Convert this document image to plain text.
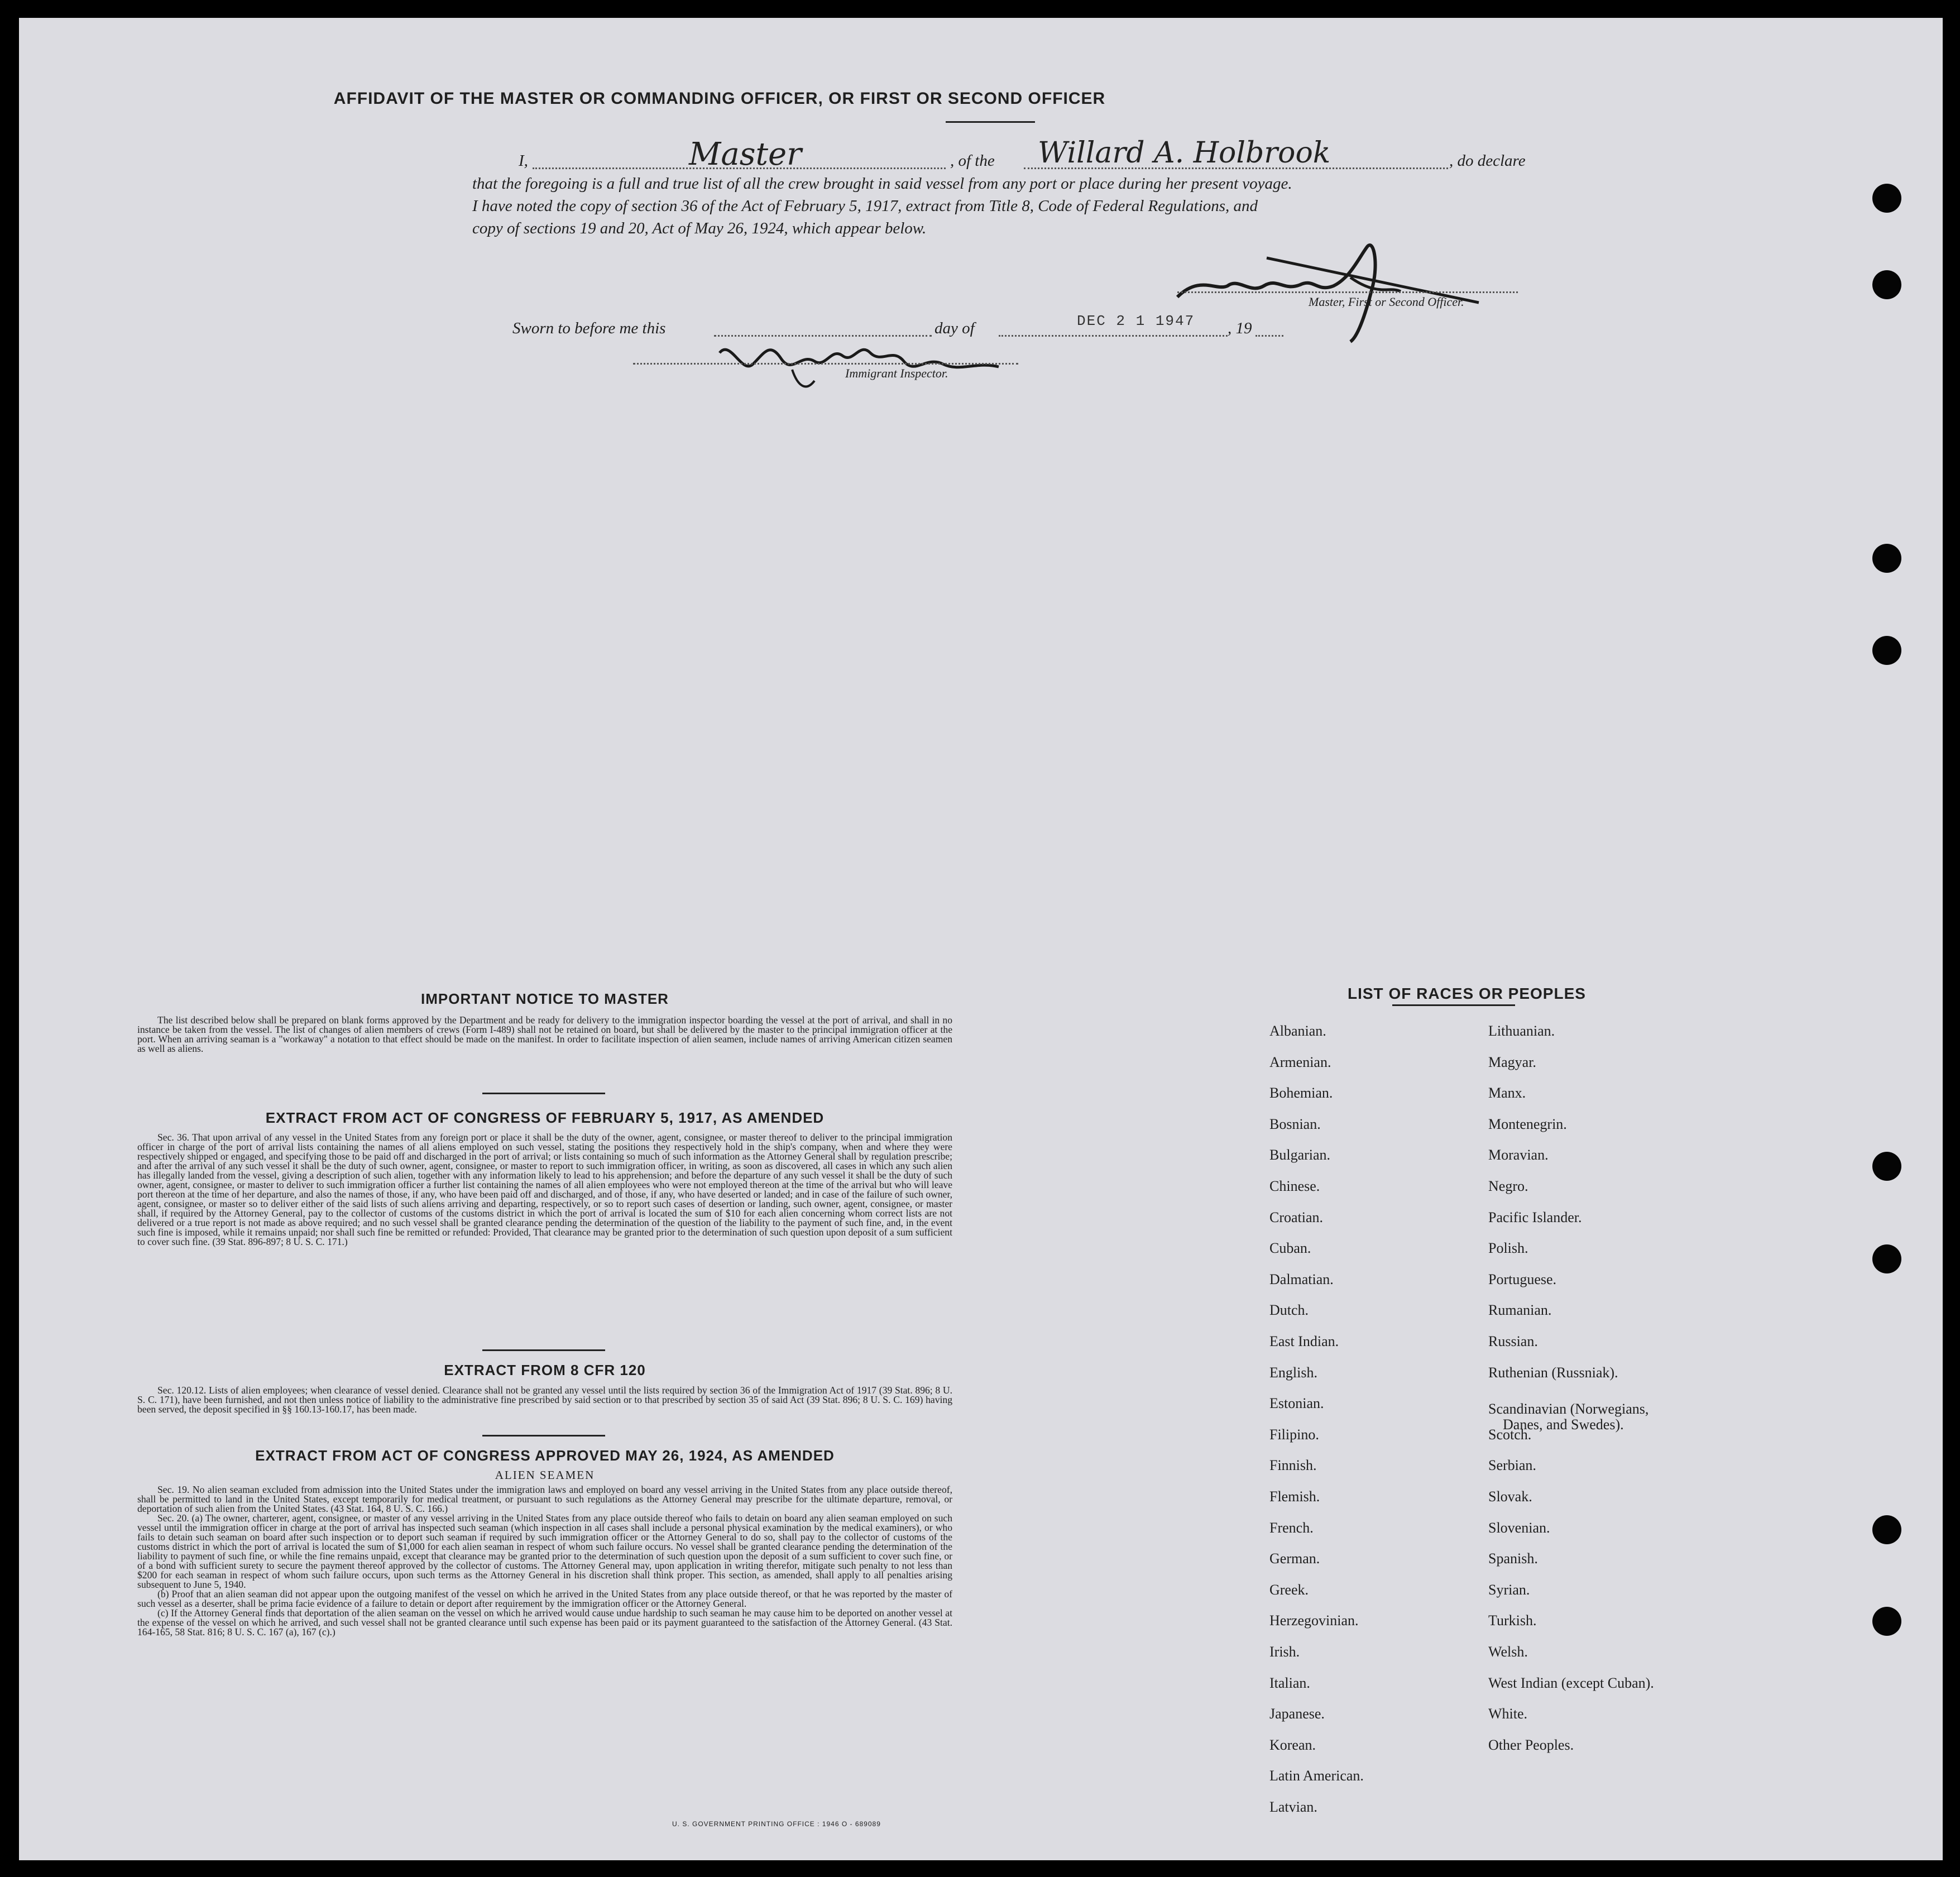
AFFIDAVIT OF THE MASTER OR COMMANDING OFFICER, OR FIRST OR SECOND OFFICER
I,	Master	, of the Willard A. Holbrook	, do declare
that the foregoing is a full and true list of all the crew brought in said vessel from any port or place during her present voyage.
I have noted the copy of section 36 of the Act of February 5, 1917, extract from Title 8, Code of Federal Regulations, and
copy of sections 19 and 20, Act of May 26, 1924, which appear below.
Master, First or Second Officer.
Sworn to before me this	day of	DEC 2 1 1947 , 19
Immigrant Inspector.
IMPORTANT NOTICE TO MASTER

The list described below shall be prepared on blank forms approved by the Department and be ready for delivery to the immigration inspector boarding the vessel at the port of arrival, and shall in no instance be taken from the vessel. The list of changes of alien members of crews (Form I-489) shall not be retained on board, but shall be delivered by the master to the principal immigration officer at the port. When an arriving seaman is a "workaway" a notation to that effect should be made on the manifest. In order to facilitate inspection of alien seamen, include names of arriving American citizen seamen as well as aliens.

EXTRACT FROM ACT OF CONGRESS OF FEBRUARY 5, 1917, AS AMENDED

Sec. 36. That upon arrival of any vessel in the United States from any foreign port or place it shall be the duty of the owner, agent, consignee, or master thereof to deliver to the principal immigration officer in charge of the port of arrival lists containing the names of all aliens employed on such vessel, stating the positions they respectively hold in the ship's company, when and where they were respectively shipped or engaged, and specifying those to be paid off and discharged in the port of arrival; or lists containing so much of such information as the Attorney General shall by regulation prescribe; and after the arrival of any such vessel it shall be the duty of such owner, agent, consignee, or master to report to such immigration officer, in writing, as soon as discovered, all cases in which any such alien has illegally landed from the vessel, giving a description of such alien, together with any information likely to lead to his apprehension; and before the departure of any such vessel it shall be the duty of such owner, agent, consignee, or master to deliver to such immigration officer a further list containing the names of all alien employees who were not employed thereon at the time of the arrival but who will leave port thereon at the time of her departure, and also the names of those, if any, who have been paid off and discharged, and of those, if any, who have deserted or landed; and in case of the failure of such owner, agent, consignee, or master so to deliver either of the said lists of such aliens arriving and departing, respectively, or so to report such cases of desertion or landing, such owner, agent, consignee, or master shall, if required by the Attorney General, pay to the collector of customs of the customs district in which the port of arrival is located the sum of $10 for each alien concerning whom correct lists are not delivered or a true report is not made as above required; and no such vessel shall be granted clearance pending the determination of the question of the liability to the payment of such fine, and, in the event such fine is imposed, while it remains unpaid; nor shall such fine be remitted or refunded: Provided, That clearance may be granted prior to the determination of such question upon deposit of a sum sufficient to cover such fine. (39 Stat. 896-897; 8 U. S. C. 171.)

EXTRACT FROM 8 CFR 120

Sec. 120.12. Lists of alien employees; when clearance of vessel denied. Clearance shall not be granted any vessel until the lists required by section 36 of the Immigration Act of 1917 (39 Stat. 896; 8 U. S. C. 171), have been furnished, and not then unless notice of liability to the administrative fine prescribed by said section or to that prescribed by section 35 of said Act (39 Stat. 896; 8 U. S. C. 169) having been served, the deposit specified in §§ 160.13-160.17, has been made.

EXTRACT FROM ACT OF CONGRESS APPROVED MAY 26, 1924, AS AMENDED
ALIEN SEAMEN

Sec. 19. No alien seaman excluded from admission into the United States under the immigration laws and employed on board any vessel arriving in the United States from any place outside thereof, shall be permitted to land in the United States, except temporarily for medical treatment, or pursuant to such regulations as the Attorney General may prescribe for the ultimate departure, removal, or deportation of such alien from the United States. (43 Stat. 164, 8 U. S. C. 166.)

Sec. 20. (a) The owner, charterer, agent, consignee, or master of any vessel arriving in the United States from any place outside thereof who fails to detain on board any alien seaman employed on such vessel until the immigration officer in charge at the port of arrival has inspected such seaman (which inspection in all cases shall include a personal physical examination by the medical examiners), or who fails to detain such seaman on board after such inspection or to deport such seaman if required by such immigration officer or the Attorney General to do so, shall pay to the collector of customs of the customs district in which the port of arrival is located the sum of $1,000 for each alien seaman in respect of whom such failure occurs. No vessel shall be granted clearance pending the determination of the liability to payment of such fine, or while the fine remains unpaid, except that clearance may be granted prior to the determination of such question upon the deposit of a sum sufficient to cover such fine, or of a bond with sufficient surety to secure the payment thereof approved by the collector of customs. The Attorney General may, upon application in writing therefor, mitigate such penalty to not less than $200 for each seaman in respect of whom such failure occurs, upon such terms as the Attorney General in his discretion shall think proper. This section, as amended, shall apply to all penalties arising subsequent to June 5, 1940.

(b) Proof that an alien seaman did not appear upon the outgoing manifest of the vessel on which he arrived in the United States from any place outside thereof, or that he was reported by the master of such vessel as a deserter, shall be prima facie evidence of a failure to detain or deport after requirement by the immigration officer or the Attorney General.

(c) If the Attorney General finds that deportation of the alien seaman on the vessel on which he arrived would cause undue hardship to such seaman he may cause him to be deported on another vessel at the expense of the vessel on which he arrived, and such vessel shall not be granted clearance until such expense has been paid or its payment guaranteed to the satisfaction of the Attorney General. (43 Stat. 164-165, 58 Stat. 816; 8 U. S. C. 167 (a), 167 (c).)

U. S. GOVERNMENT PRINTING OFFICE : 1946 O - 689089
LIST OF RACES OR PEOPLES
Albanian.
Armenian.
Bohemian.
Bosnian.
Bulgarian.
Chinese.
Croatian.
Cuban.
Dalmatian.
Dutch.
East Indian.
English.
Estonian.
Filipino.
Finnish.
Flemish.
French.
German.
Greek.
Herzegovinian.
Irish.
Italian.
Japanese.
Korean.
Latin American.
Latvian.
Lithuanian.
Magyar.
Manx.
Montenegrin.
Moravian.
Negro.
Pacific Islander.
Polish.
Portuguese.
Rumanian.
Russian.
Ruthenian (Russniak).
Scandinavian (Norwegians,
Danes, and Swedes).
Scotch.
Serbian.
Slovak.
Slovenian.
Spanish.
Syrian.
Turkish.
Welsh.
West Indian (except Cuban).
White.
Other Peoples.
